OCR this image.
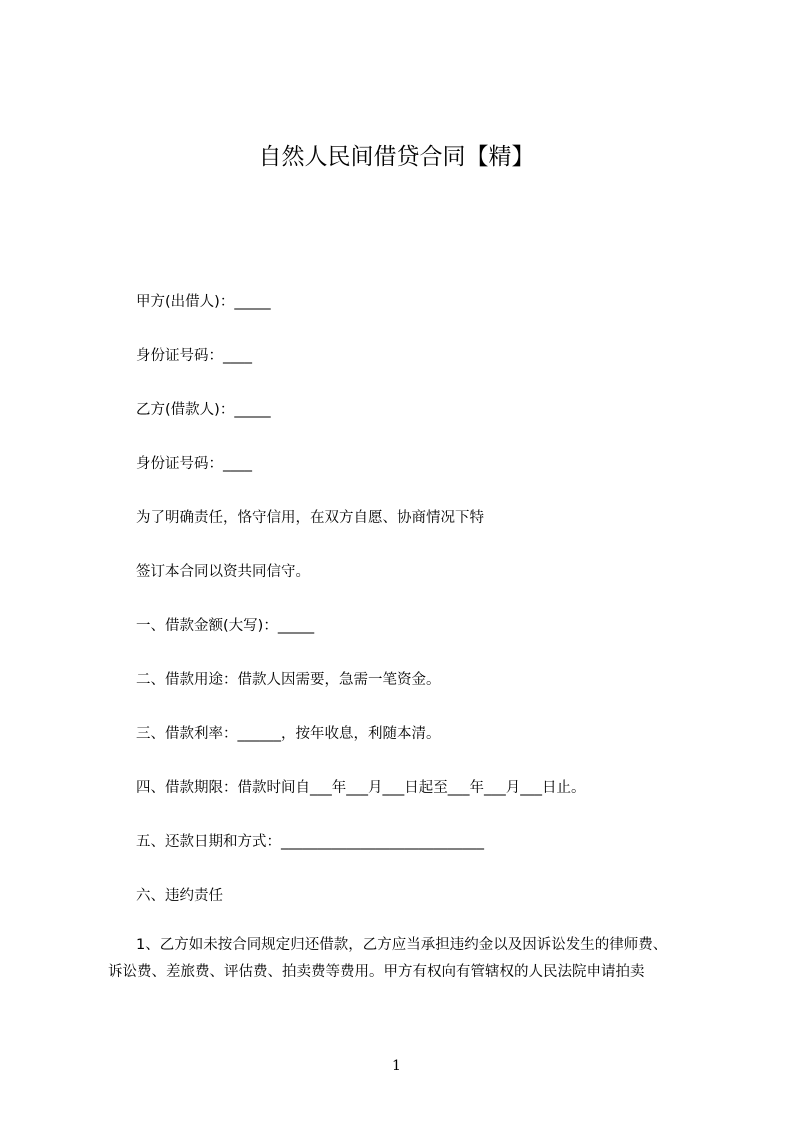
自然人民间借贷合同【精】
甲方(出借人)：_____
身份证号码：____
乙方(借款人)：_____
身份证号码：____
为了明确责任，恪守信用，在双方自愿、协商情况下特
签订本合同以资共同信守。
一、借款金额(大写)：_____
二、借款用途：借款人因需要，急需一笔资金。
三、借款利率：______，按年收息，利随本清。
四、借款期限：借款时间自___年___月___日起至___年___月___日止。
五、还款日期和方式：____________________________
六、违约责任
1、乙方如未按合同规定归还借款，乙方应当承担违约金以及因诉讼发生的律师费、
诉讼费、差旅费、评估费、拍卖费等费用。甲方有权向有管辖权的人民法院申请拍卖
1
